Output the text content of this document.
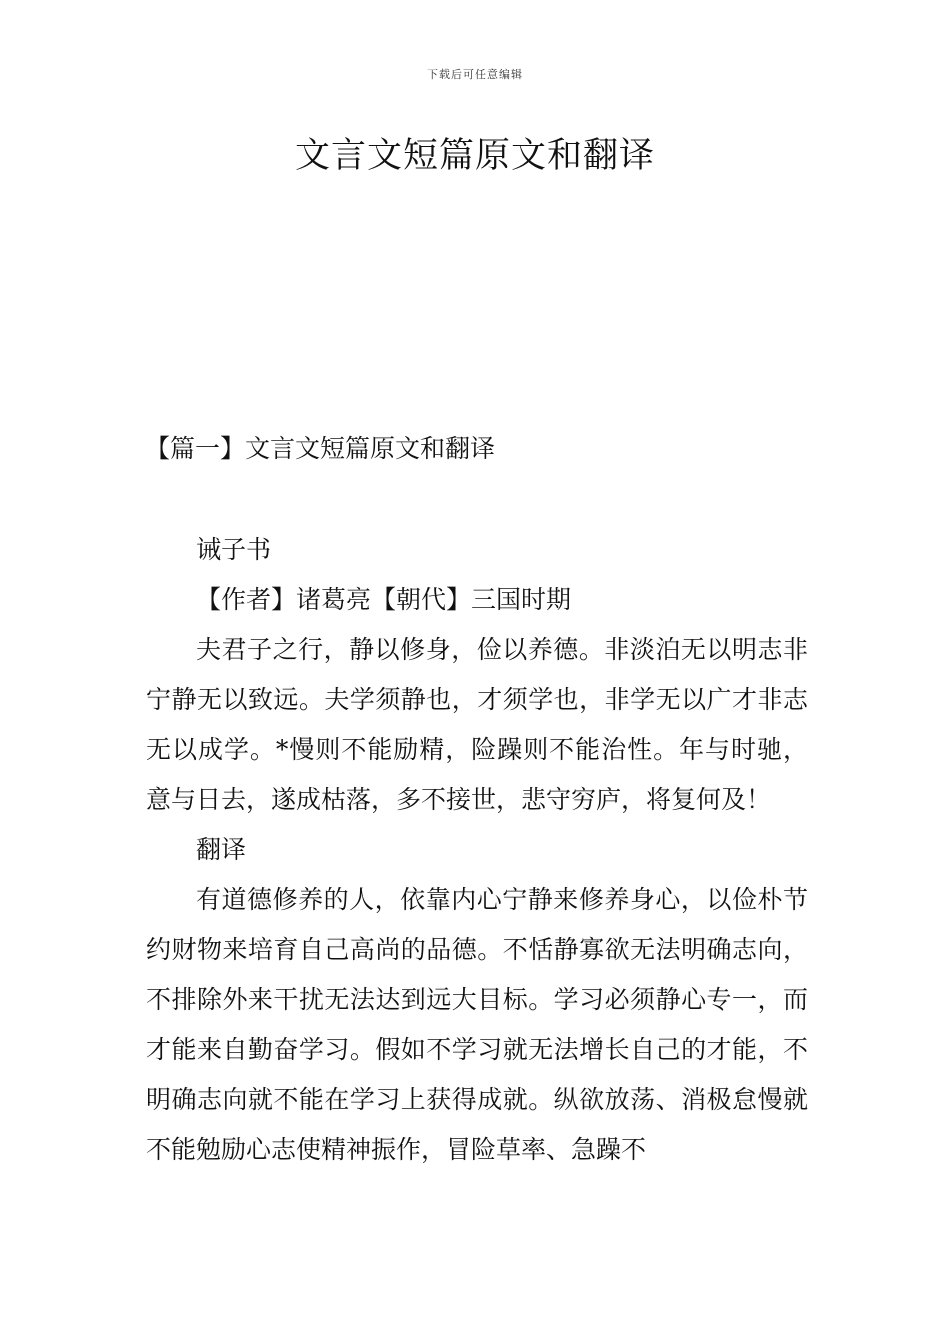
下载后可任意编辑
文言文短篇原文和翻译
【篇一】文言文短篇原文和翻译

诫子书

【作者】诸葛亮【朝代】三国时期

夫君子之行，静以修身，俭以养德。非淡泊无以明志非宁静无以致远。夫学须静也，才须学也，非学无以广才非志无以成学。*慢则不能励精，险躁则不能治性。年与时驰，意与日去，遂成枯落，多不接世，悲守穷庐，将复何及！

翻译

有道德修养的人，依靠内心宁静来修养身心，以俭朴节约财物来培育自己高尚的品德。不恬静寡欲无法明确志向，不排除外来干扰无法达到远大目标。学习必须静心专一，而才能来自勤奋学习。假如不学习就无法增长自己的才能，不明确志向就不能在学习上获得成就。纵欲放荡、消极怠慢就不能勉励心志使精神振作，冒险草率、急躁不
